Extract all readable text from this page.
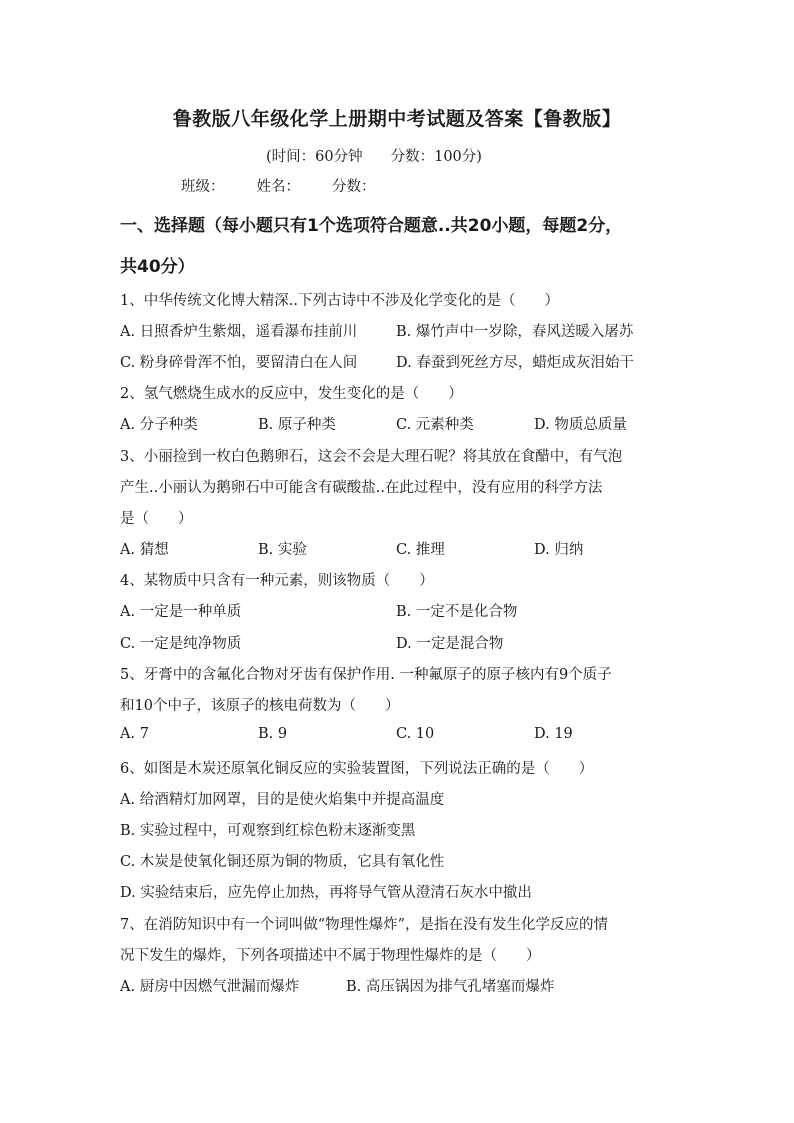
鲁教版八年级化学上册期中考试题及答案【鲁教版】
(时间：60分钟 分数：100分)
班级： 姓名： 分数：
一、选择题（每小题只有1个选项符合题意..共20小题，每题2分，
共40分）
1、中华传统文化博大精深..下列古诗中不涉及化学变化的是（　　）
A. 日照香炉生紫烟，遥看瀑布挂前川	B. 爆竹声中一岁除，春风送暖入屠苏
C. 粉身碎骨浑不怕，要留清白在人间	D. 春蚕到死丝方尽，蜡炬成灰泪始干
2、氢气燃烧生成水的反应中，发生变化的是（　　）
A. 分子种类	B. 原子种类	C. 元素种类	D. 物质总质量
3、小丽捡到一枚白色鹅卵石，这会不会是大理石呢？将其放在食醋中，有气泡
产生..小丽认为鹅卵石中可能含有碳酸盐..在此过程中，没有应用的科学方法
是（　　）
A. 猜想	B. 实验	C. 推理	D. 归纳
4、某物质中只含有一种元素，则该物质（　　）
A. 一定是一种单质	B. 一定不是化合物
C. 一定是纯净物质	D. 一定是混合物
5、牙膏中的含氟化合物对牙齿有保护作用. 一种氟原子的原子核内有9个质子
和10个中子，该原子的核电荷数为（　　）
A. 7	B. 9	C. 10	D. 19
6、如图是木炭还原氧化铜反应的实验装置图，下列说法正确的是（　　）
A. 给酒精灯加网罩，目的是使火焰集中并提高温度
B. 实验过程中，可观察到红棕色粉末逐渐变黑
C. 木炭是使氧化铜还原为铜的物质，它具有氧化性
D. 实验结束后，应先停止加热，再将导气管从澄清石灰水中撤出
7、在消防知识中有一个词叫做“物理性爆炸”，是指在没有发生化学反应的情
况下发生的爆炸，下列各项描述中不属于物理性爆炸的是（　　）
A. 厨房中因燃气泄漏而爆炸	B. 高压锅因为排气孔堵塞而爆炸
